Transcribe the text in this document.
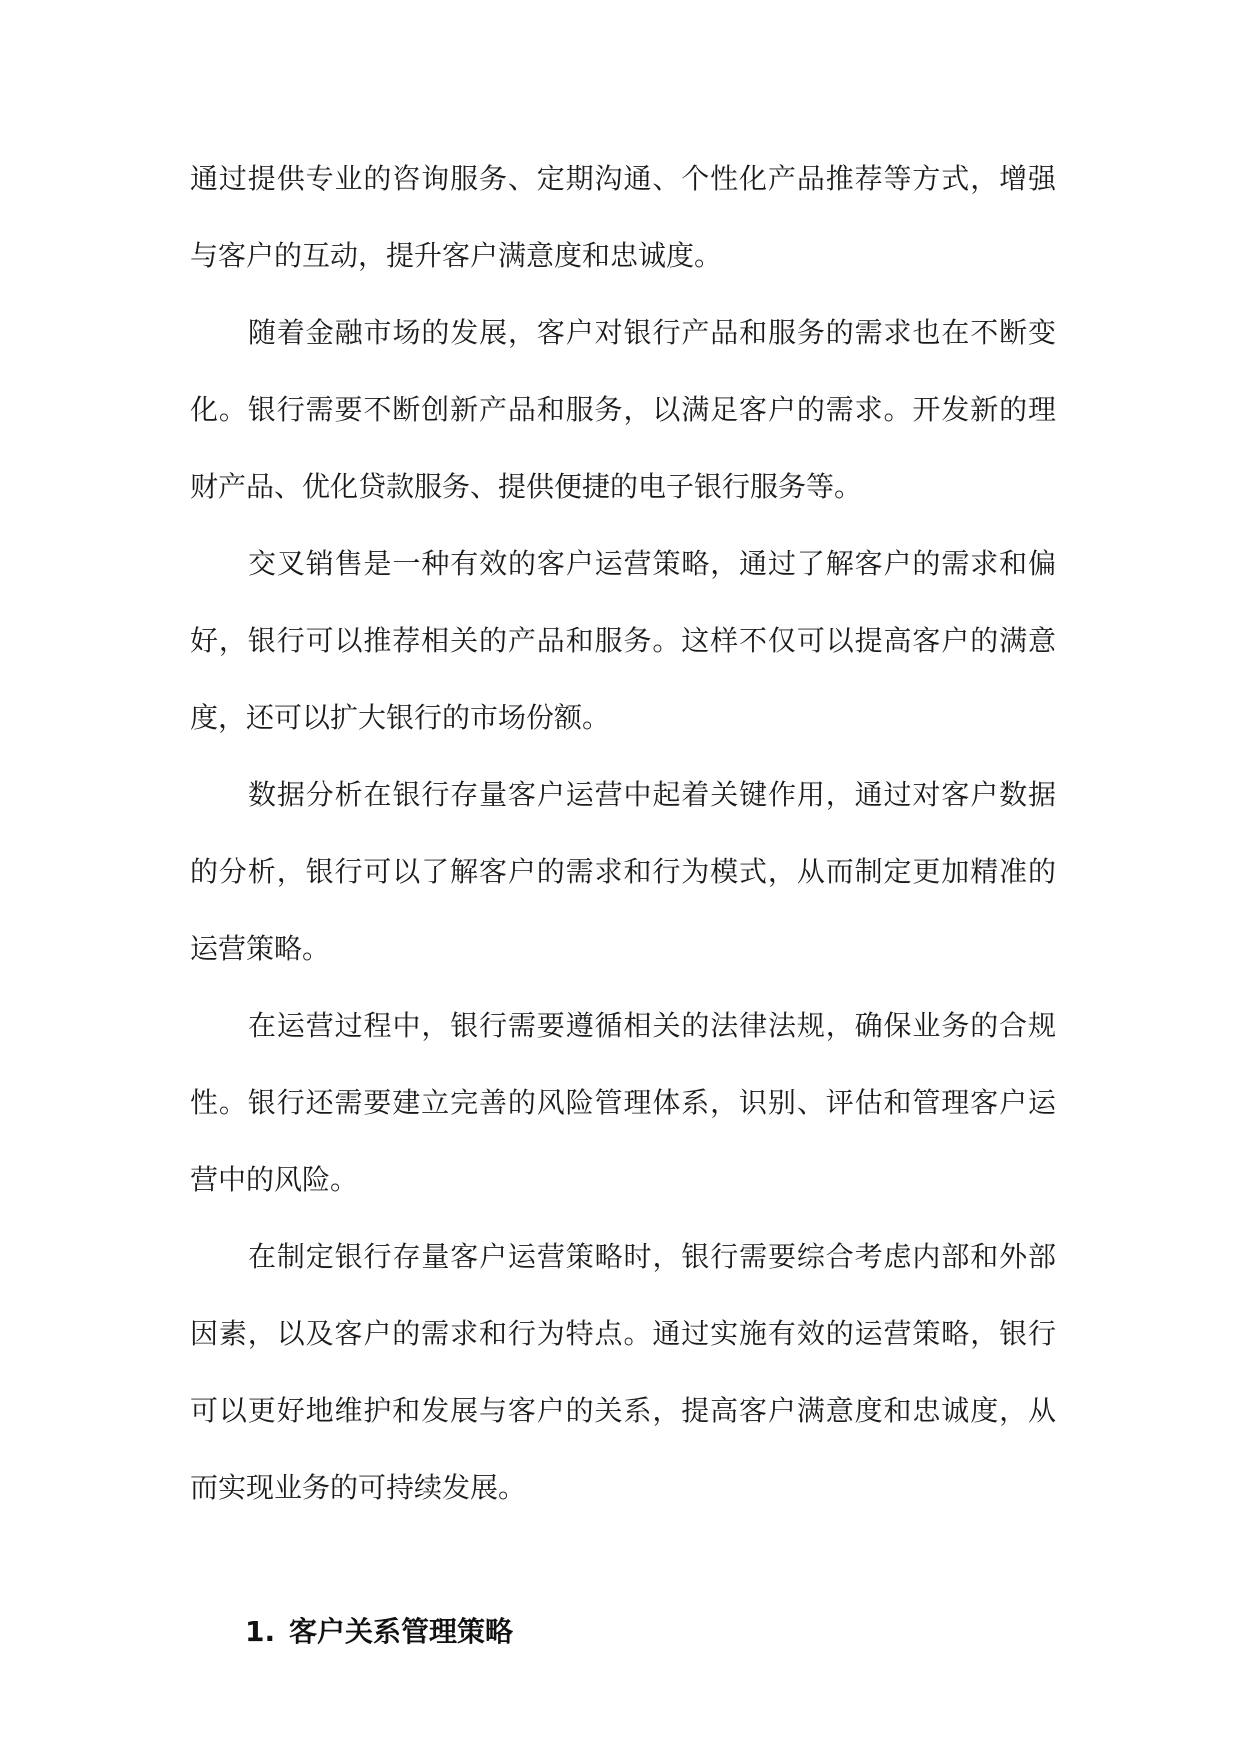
通过提供专业的咨询服务、定期沟通、个性化产品推荐等方式，增强与客户的互动，提升客户满意度和忠诚度。

随着金融市场的发展，客户对银行产品和服务的需求也在不断变化。银行需要不断创新产品和服务，以满足客户的需求。开发新的理财产品、优化贷款服务、提供便捷的电子银行服务等。

交叉销售是一种有效的客户运营策略，通过了解客户的需求和偏好，银行可以推荐相关的产品和服务。这样不仅可以提高客户的满意度，还可以扩大银行的市场份额。

数据分析在银行存量客户运营中起着关键作用，通过对客户数据的分析，银行可以了解客户的需求和行为模式，从而制定更加精准的运营策略。

在运营过程中，银行需要遵循相关的法律法规，确保业务的合规性。银行还需要建立完善的风险管理体系，识别、评估和管理客户运营中的风险。

在制定银行存量客户运营策略时，银行需要综合考虑内部和外部因素，以及客户的需求和行为特点。通过实施有效的运营策略，银行可以更好地维护和发展与客户的关系，提高客户满意度和忠诚度，从而实现业务的可持续发展。

1. 客户关系管理策略
